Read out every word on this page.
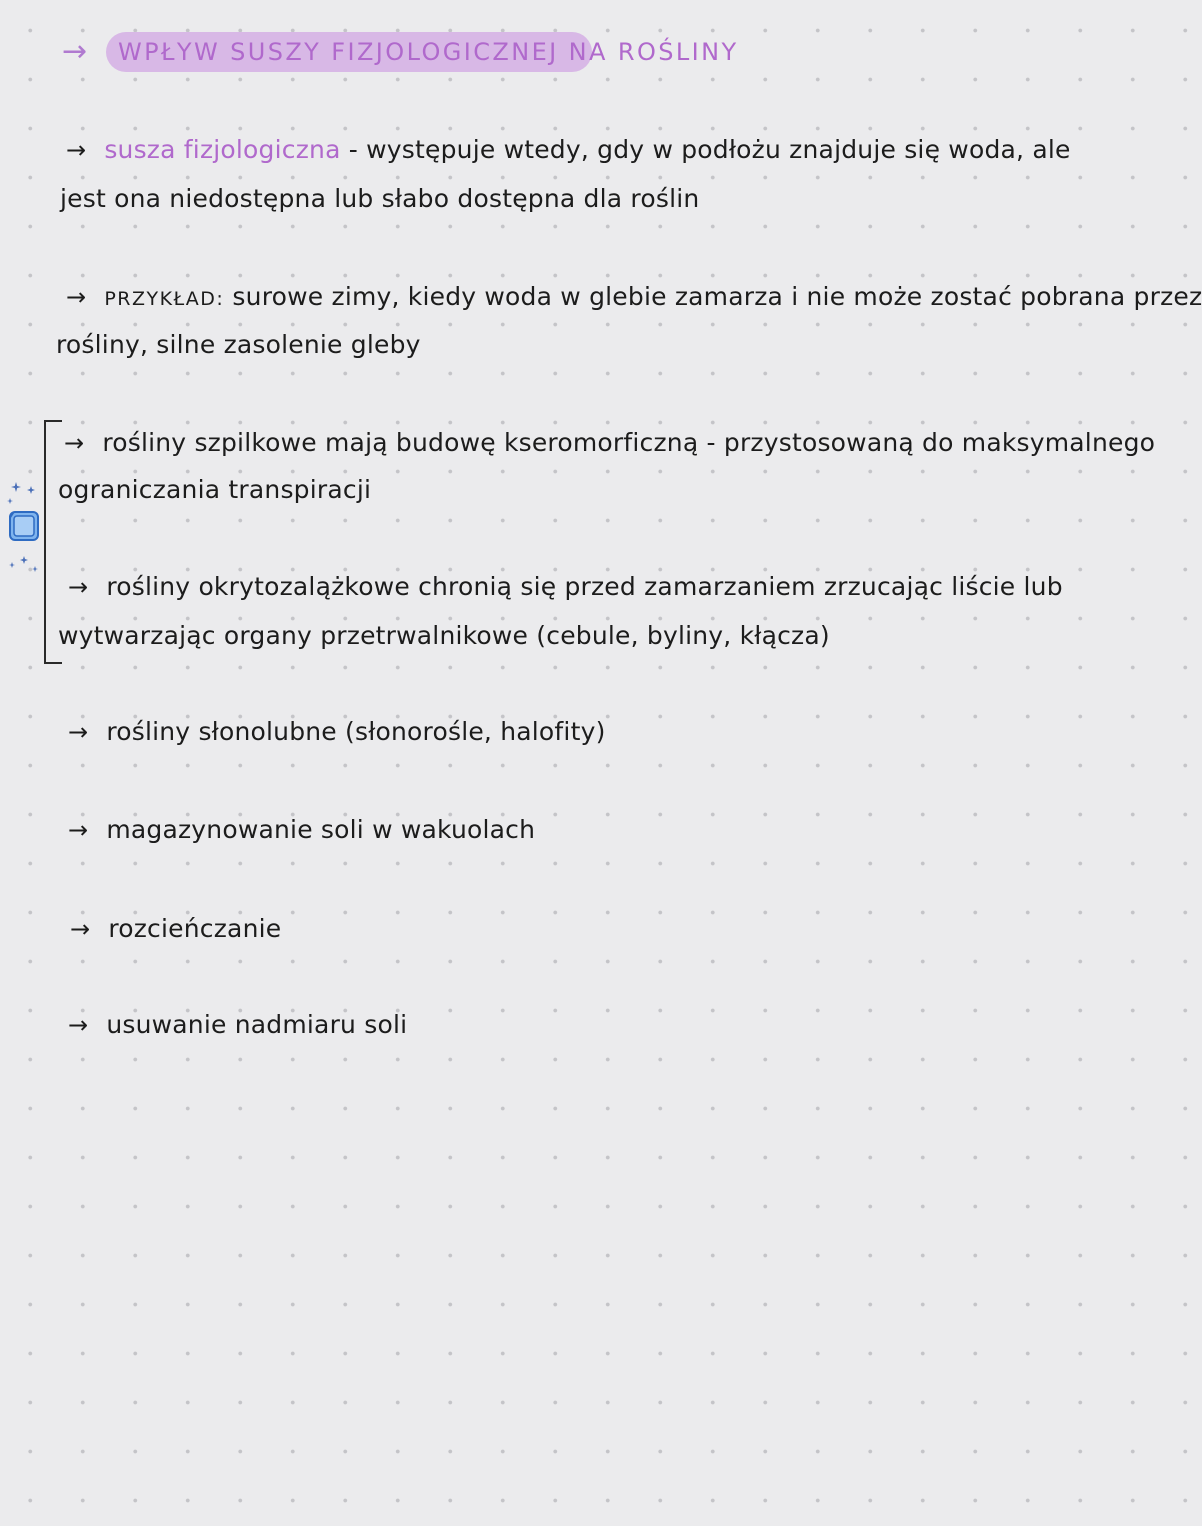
→ WPŁYW SUSZY FIZJOLOGICZNEJ NA ROŚLINY
→ susza fizjologiczna - występuje wtedy, gdy w podłożu znajduje się woda, ale
jest ona niedostępna lub słabo dostępna dla roślin
→ PRZYKŁAD: surowe zimy, kiedy woda w glebie zamarza i nie może zostać pobrana przez
rośliny, silne zasolenie gleby
→ rośliny szpilkowe mają budowę kseromorficzną - przystosowaną do maksymalnego
ograniczania transpiracji
→ rośliny okrytozalążkowe chronią się przed zamarzaniem zrzucając liście lub
wytwarzając organy przetrwalnikowe (cebule, byliny, kłącza)
→ rośliny słonolubne (słonorośle, halofity)
→ magazynowanie soli w wakuolach
→ rozcieńczanie
→ usuwanie nadmiaru soli
